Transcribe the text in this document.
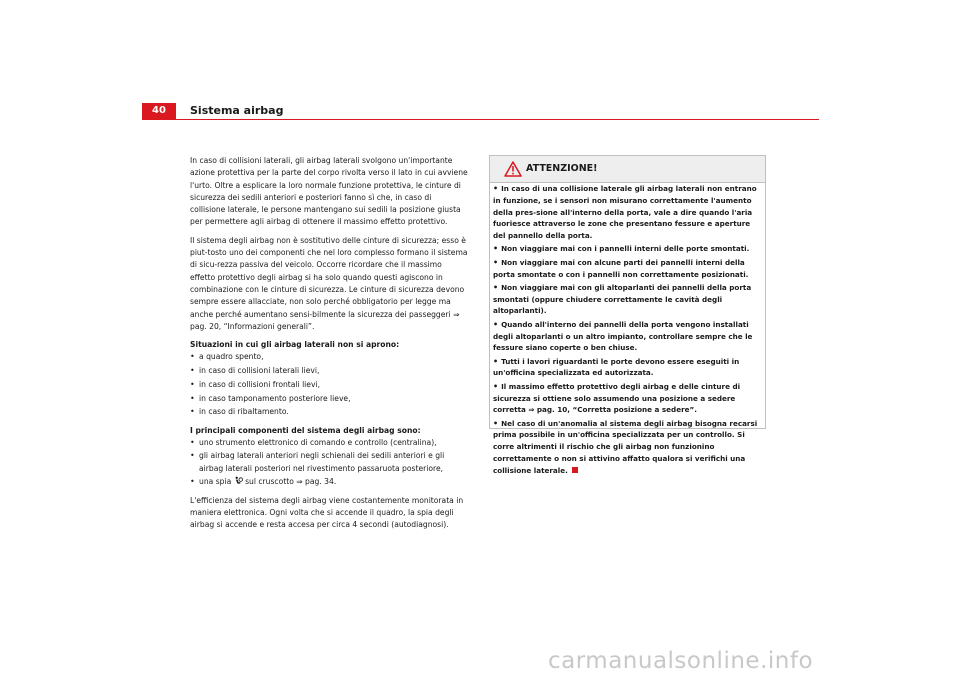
40	Sistema airbag

In caso di collisioni laterali, gli airbag laterali svolgono un'importante azione protettiva per la parte del corpo rivolta verso il lato in cui avviene l'urto. Oltre a esplicare la loro normale funzione protettiva, le cinture di sicurezza dei sedili anteriori e posteriori fanno sì che, in caso di collisione laterale, le persone mantengano sui sedili la posizione giusta per permettere agli airbag di ottenere il massimo effetto protettivo.

Il sistema degli airbag non è sostitutivo delle cinture di sicurezza; esso è piut-tosto uno dei componenti che nel loro complesso formano il sistema di sicu-rezza passiva del veicolo. Occorre ricordare che il massimo effetto protettivo degli airbag si ha solo quando questi agiscono in combinazione con le cinture di sicurezza. Le cinture di sicurezza devono sempre essere allacciate, non solo perché obbligatorio per legge ma anche perché aumentano sensi-bilmente la sicurezza dei passeggeri ⇒ pag. 20, “Informazioni generali”.

Situazioni in cui gli airbag laterali non si aprono:

• a quadro spento,
• in caso di collisioni laterali lievi,
• in caso di collisioni frontali lievi,
• in caso tamponamento posteriore lieve,
• in caso di ribaltamento.

I principali componenti del sistema degli airbag sono:

• uno strumento elettronico di comando e controllo (centralina),
• gli airbag laterali anteriori negli schienali dei sedili anteriori e gli airbag laterali posteriori nel rivestimento passaruota posteriore,
• una spia sul cruscotto ⇒ pag. 34.

L'efficienza del sistema degli airbag viene costantemente monitorata in maniera elettronica. Ogni volta che si accende il quadro, la spia degli airbag si accende e resta accesa per circa 4 secondi (autodiagnosi).

ATTENZIONE!
• In caso di una collisione laterale gli airbag laterali non entrano in funzione, se i sensori non misurano correttamente l'aumento della pres-sione all'interno della porta, vale a dire quando l'aria fuoriesce attraverso le zone che presentano fessure e aperture del pannello della porta.
• Non viaggiare mai con i pannelli interni delle porte smontati.
• Non viaggiare mai con alcune parti dei pannelli interni della porta smontate o con i pannelli non correttamente posizionati.
• Non viaggiare mai con gli altoparlanti dei pannelli della porta smontati (oppure chiudere correttamente le cavità degli altoparlanti).
• Quando all'interno dei pannelli della porta vengono installati degli altoparlanti o un altro impianto, controllare sempre che le fessure siano coperte o ben chiuse.
• Tutti i lavori riguardanti le porte devono essere eseguiti in un'officina specializzata ed autorizzata.
• Il massimo effetto protettivo degli airbag e delle cinture di sicurezza si ottiene solo assumendo una posizione a sedere corretta ⇒ pag. 10, “Corretta posizione a sedere”.
• Nel caso di un'anomalia al sistema degli airbag bisogna recarsi prima possibile in un'officina specializzata per un controllo. Si corre altrimenti il rischio che gli airbag non funzionino correttamente o non si attivino affatto qualora si verifichi una collisione laterale.
carmanualsonline.info
